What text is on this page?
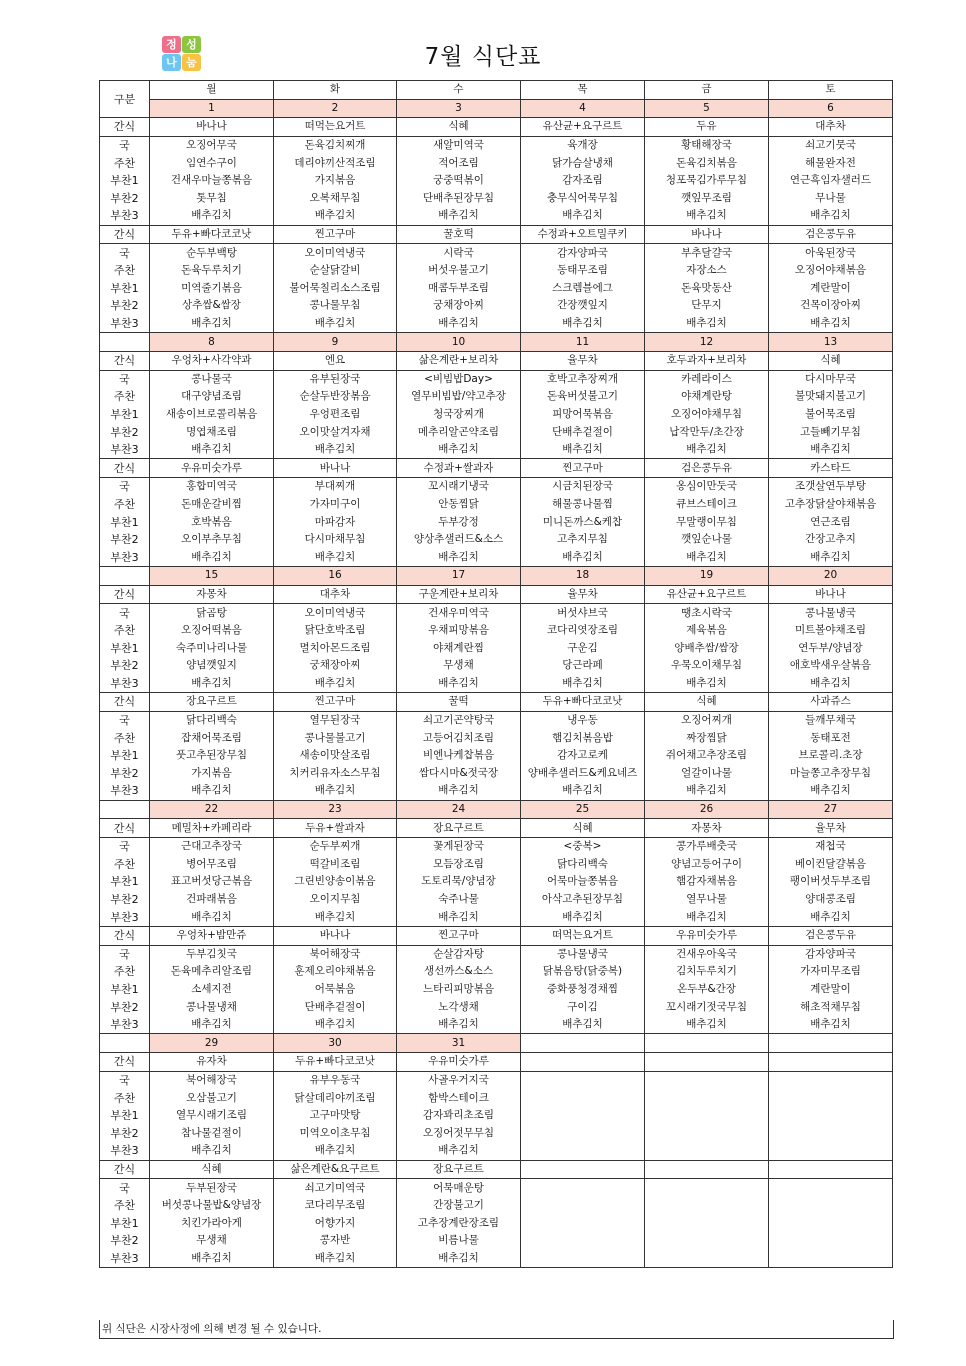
정 성
나 눔	7월 식단표
구분	월	화	수	목	금	토
	1	2	3	4	5	6
간식	바나나	떠먹는요거트	식혜	유산균+요구르트	두유	대추차
국	오징어무국	돈육김치찌개	새알미역국	육개장	황태해장국	쇠고기뭇국
주찬	임연수구이	데리야끼산적조림	적어조림	닭가슴살냉채	돈육김치볶음	해물완자전
부찬1	건새우마늘쫑볶음	가지볶음	궁중떡볶이	감자조림	청포묵김가루무침	연근흑임자샐러드
부찬2	톳무침	오복채무침	단배추된장무침	충무식어묵무침	깻잎무조림	무나물
부찬3	배추김치	배추김치	배추김치	배추김치	배추김치	배추김치
간식	두유+빠다코코낫	찐고구마	꿀호떡	수정과+오트밀쿠키	바나나	검은콩두유
국	순두부백탕	오이미역냉국	시락국	감자양파국	부추달걀국	아욱된장국
주찬	돈육두루치기	순살닭갈비	버섯우불고기	동태무조림	자장소스	오징어야채볶음
부찬1	미역줄기볶음	불어묵칠리소스조림	매콤두부조림	스크렘블에그	돈육맛동산	계란말이
부찬2	상추쌈&쌈장	콩나물무침	궁채장아찌	간장깻잎지	단무지	건목이장아찌
부찬3	배추김치	배추김치	배추김치	배추김치	배추김치	배추김치
	8	9	10	11	12	13
간식	우엉차+사각약과	엔요	삶은계란+보리차	율무차	호두과자+보리차	식혜
국	콩나물국	유부된장국	<비빔밥Day>	호박고추장찌개	카레라이스	다시마무국
주찬	대구양념조림	순살두반장볶음	열무비빔밥/약고추장	돈육버섯불고기	야채계란탕	불맛돼지불고기
부찬1	새송이브로콜리볶음	우엉편조림	청국장찌개	피망어묵볶음	오징어야채무침	불어묵조림
부찬2	명엽채조림	오이맛살겨자채	메추리알곤약조림	단배추겉절이	납작만두/초간장	고들빼기무침
부찬3	배추김치	배추김치	배추김치	배추김치	배추김치	배추김치
간식	우유미숫가루	바나나	수정과+쌀과자	찐고구마	검은콩두유	카스타드
국	홍합미역국	부대찌개	꼬시래기냉국	시금치된장국	옹심이만둣국	조갯살연두부탕
주찬	돈매운갈비찜	가자미구이	안동찜닭	해물콩나물찜	큐브스테이크	고추장닭살야채볶음
부찬1	호박볶음	마파감자	두부강정	미니돈까스&케찹	무말랭이무침	연근조림
부찬2	오이부추무침	다시마채무침	양상추샐러드&소스	고추지무침	깻잎순나물	간장고추지
부찬3	배추김치	배추김치	배추김치	배추김치	배추김치	배추김치
	15	16	17	18	19	20
간식	자몽차	대추차	구운계란+보리차	율무차	유산균+요구르트	바나나
국	닭곰탕	오이미역냉국	건새우미역국	버섯샤브국	땡초시락국	콩나물냉국
주찬	오징어떡볶음	닭단호박조림	우채피망볶음	코다리엿장조림	제육볶음	미트볼야채조림
부찬1	숙주미나리나물	멸치아몬드조림	야채계란찜	구운김	양배추쌈/쌈장	연두부/양념장
부찬2	양념깻잎지	궁채장아찌	무생채	당근라페	우묵오이채무침	애호박새우살볶음
부찬3	배추김치	배추김치	배추김치	배추김치	배추김치	배추김치
간식	장요구르트	찐고구마	꿀떡	두유+빠다코코낫	식혜	사과쥬스
국	닭다리백숙	열무된장국	쇠고기곤약탕국	냉우동	오징어찌개	들깨무채국
주찬	잡채어묵조림	콩나물불고기	고등어김치조림	햄김치볶음밥	짜장찜닭	동태포전
부찬1	풋고추된장무침	새송이맛살조림	비엔나케찹볶음	감자고로케	쥐어채고추장조림	브로콜리.초장
부찬2	가지볶음	치커리유자소스무침	쌈다시마&젓국장	양배추샐러드&케요네즈	얼갈이나물	마늘쫑고추장무침
부찬3	배추김치	배추김치	배추김치	배추김치	배추김치	배추김치
	22	23	24	25	26	27
간식	메밀차+카페리라	두유+쌀과자	장요구르트	식혜	자몽차	율무차
국	근대고추장국	순두부찌개	꽃게된장국	<중복>	콩가루배춧국	재첩국
주찬	병어무조림	떡갈비조림	모듬장조림	닭다리백숙	양념고등어구이	베이컨달걀볶음
부찬1	표고버섯당근볶음	그린빈양송이볶음	도토리묵/양념장	어묵마늘쫑볶음	햄감자채볶음	팽이버섯두부조림
부찬2	건파래볶음	오이지무침	숙주나물	아삭고추된장무침	열무나물	양대콩조림
부찬3	배추김치	배추김치	배추김치	배추김치	배추김치	배추김치
간식	우엉차+밤만쥬	바나나	찐고구마	떠먹는요거트	우유미숫가루	검은콩두유
국	두부김칫국	북어해장국	순살감자탕	콩나물냉국	건새우아욱국	감자양파국
주찬	돈육메추리알조림	훈제오리야채볶음	생선까스&소스	닭볶음탕(닭중복)	김치두루치기	가자미무조림
부찬1	소세지전	어묵볶음	느타리피망볶음	중화풍청경채찜	온두부&간장	계란말이
부찬2	콩나물냉채	단배추겉절이	노각생채	구이김	꼬시래기젓국무침	해초적채무침
부찬3	배추김치	배추김치	배추김치	배추김치	배추김치	배추김치
	29	30	31			
간식	유자차	두유+빠다코코낫	우유미숫가루			
국	북어해장국	유부우동국	사골우거지국			
주찬	오삼불고기	닭살데리야끼조림	함박스테이크			
부찬1	열무시래기조림	고구마맛탕	감자꽈리초조림			
부찬2	참나물겉절이	미역오이초무침	오징어젓무무침			
부찬3	배추김치	배추김치	배추김치			
간식	식혜	삶은계란&요구르트	장요구르트			
국	두부된장국	쇠고기미역국	어묵매운탕			
주찬	버섯콩나물밥&양념장	코다리무조림	간장불고기			
부찬1	치킨가라아게	어향가지	고추장계란장조림			
부찬2	무생채	콩자반	비름나물			
부찬3	배추김치	배추김치	배추김치			
위 식단은 시장사정에 의해 변경 될 수 있습니다.
